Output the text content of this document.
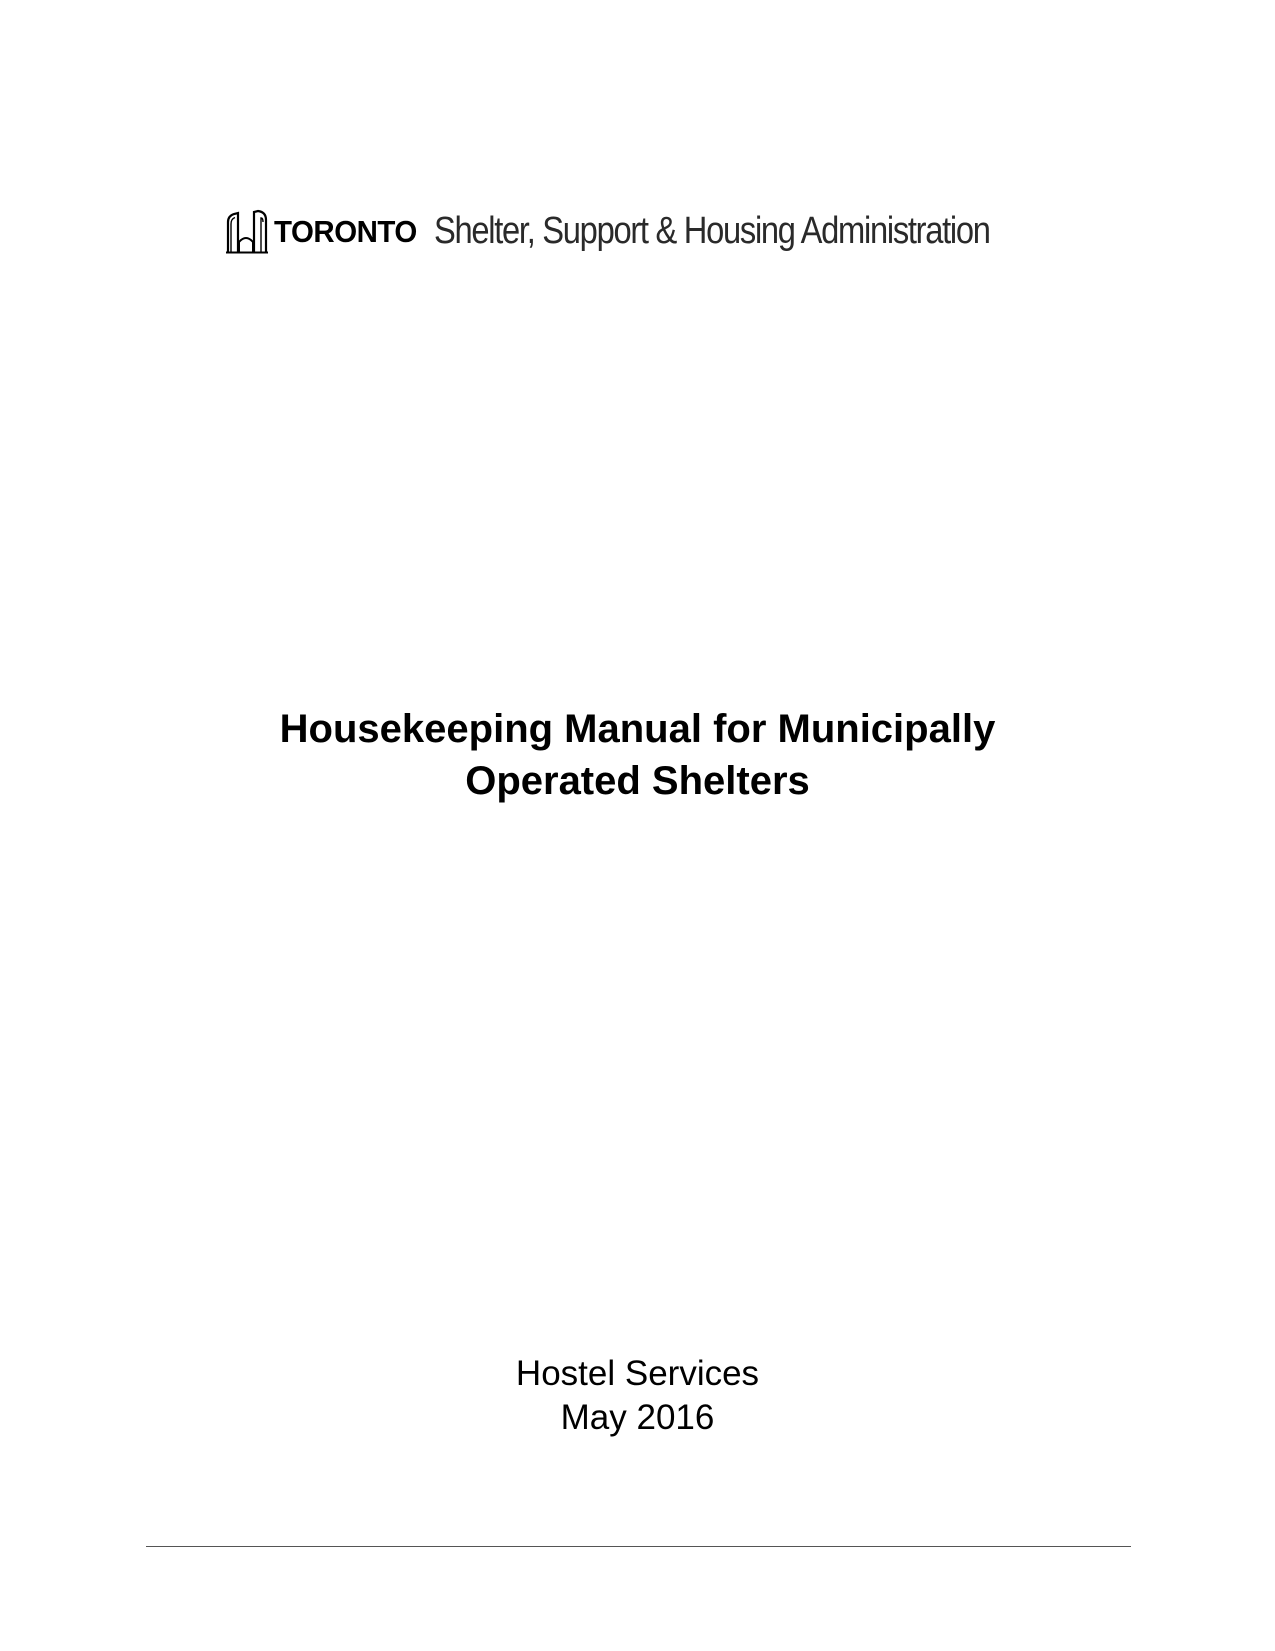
TORONTO Shelter, Support & Housing Administration
Housekeeping Manual for Municipally
Operated Shelters
Hostel Services
May 2016
